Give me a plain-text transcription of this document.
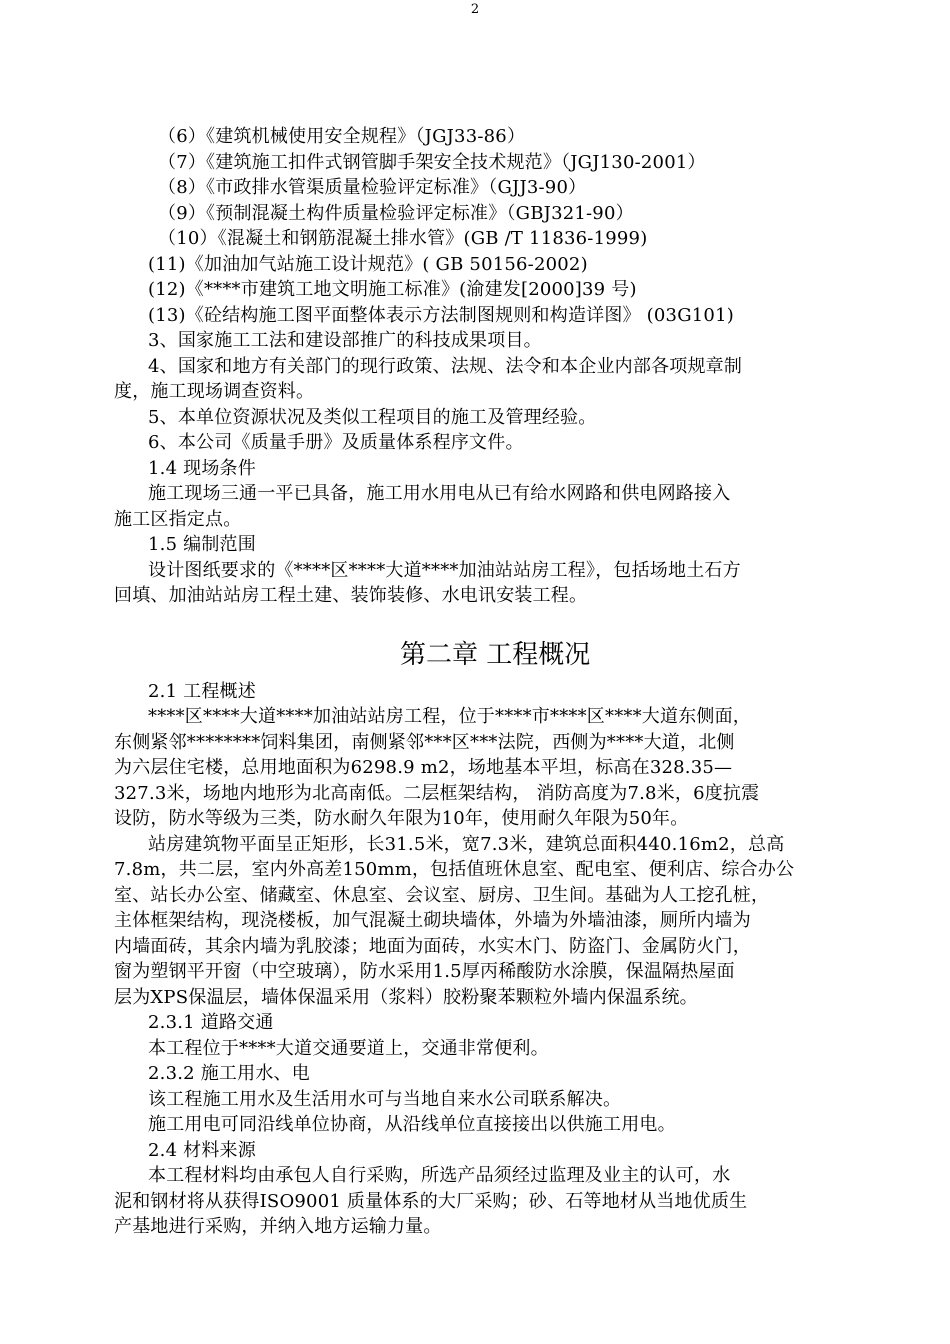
2
（6）《建筑机械使用安全规程》（JGJ33-86）
（7）《建筑施工扣件式钢管脚手架安全技术规范》（JGJ130-2001）
（8）《市政排水管渠质量检验评定标准》（GJJ3-90）
（9）《预制混凝土构件质量检验评定标准》（GBJ321-90）
（10）《混凝土和钢筋混凝土排水管》(GB /T 11836-1999)
(11)《加油加气站施工设计规范》( GB 50156-2002)
(12)《****市建筑工地文明施工标准》(渝建发[2000]39 号)
(13)《砼结构施工图平面整体表示方法制图规则和构造详图》 (03G101)
3、国家施工工法和建设部推广的科技成果项目。
4、国家和地方有关部门的现行政策、法规、法令和本企业内部各项规章制
度，施工现场调查资料。
5、本单位资源状况及类似工程项目的施工及管理经验。
6、本公司《质量手册》及质量体系程序文件。
1.4 现场条件
施工现场三通一平已具备，施工用水用电从已有给水网路和供电网路接入
施工区指定点。
1.5 编制范围
设计图纸要求的《****区****大道****加油站站房工程》，包括场地土石方
回填、加油站站房工程土建、装饰装修、水电讯安装工程。
第二章 工程概况
2.1 工程概述
****区****大道****加油站站房工程，位于****市****区****大道东侧面，
东侧紧邻********饲料集团，南侧紧邻***区***法院，西侧为****大道，北侧
为六层住宅楼，总用地面积为6298.9 m2，场地基本平坦，标高在328.35—
327.3米，场地内地形为北高南低。二层框架结构， 消防高度为7.8米，6度抗震
设防，防水等级为三类，防水耐久年限为10年，使用耐久年限为50年。
站房建筑物平面呈正矩形，长31.5米，宽7.3米，建筑总面积440.16m2，总高
7.8m，共二层，室内外高差150mm，包括值班休息室、配电室、便利店、综合办公
室、站长办公室、储藏室、休息室、会议室、厨房、卫生间。基础为人工挖孔桩，
主体框架结构，现浇楼板，加气混凝土砌块墙体，外墙为外墙油漆，厕所内墙为
内墙面砖，其余内墙为乳胶漆；地面为面砖，水实木门、防盗门、金属防火门，
窗为塑钢平开窗（中空玻璃），防水采用1.5厚丙稀酸防水涂膜，保温隔热屋面
层为XPS保温层，墙体保温采用（浆料）胶粉聚苯颗粒外墙内保温系统。
2.3.1 道路交通
本工程位于****大道交通要道上，交通非常便利。
2.3.2 施工用水、电
该工程施工用水及生活用水可与当地自来水公司联系解决。
施工用电可同沿线单位协商，从沿线单位直接接出以供施工用电。
2.4 材料来源
本工程材料均由承包人自行采购，所选产品须经过监理及业主的认可，水
泥和钢材将从获得ISO9001 质量体系的大厂采购；砂、石等地材从当地优质生
产基地进行采购，并纳入地方运输力量。
